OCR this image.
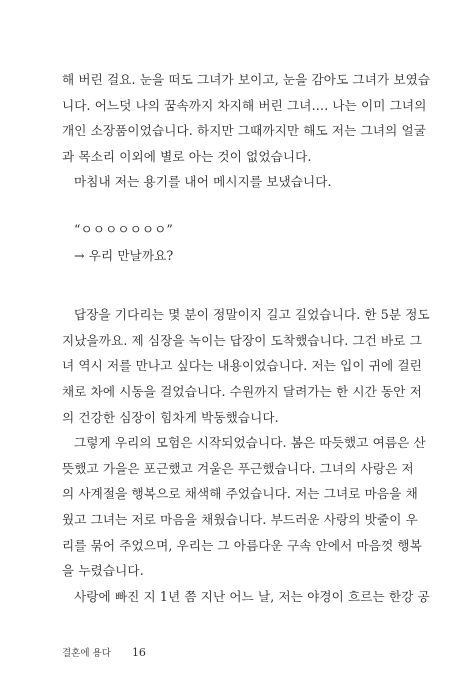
해 버린 걸요. 눈을 떠도 그녀가 보이고, 눈을 감아도 그녀가 보였습
니다. 어느덧 나의 꿈속까지 차지해 버린 그녀…. 나는 이미 그녀의
개인 소장품이었습니다. 하지만 그때까지만 해도 저는 그녀의 얼굴
과 목소리 이외에 별로 아는 것이 없었습니다.
마침내 저는 용기를 내어 메시지를 보냈습니다.
“ㅇㅇㅇㅇㅇㅇㅇ”
→ 우리 만날까요?
답장을 기다리는 몇 분이 정말이지 길고 길었습니다. 한 5분 정도
지났을까요. 제 심장을 녹이는 답장이 도착했습니다. 그건 바로 그
녀 역시 저를 만나고 싶다는 내용이었습니다. 저는 입이 귀에 걸린
채로 차에 시동을 걸었습니다. 수원까지 달려가는 한 시간 동안 저
의 건강한 심장이 힘차게 박동했습니다.
그렇게 우리의 모험은 시작되었습니다. 봄은 따듯했고 여름은 산
뜻했고 가을은 포근했고 겨울은 푸근했습니다. 그녀의 사랑은 저
의 사계절을 행복으로 채색해 주었습니다. 저는 그녀로 마음을 채
웠고 그녀는 저로 마음을 채웠습니다. 부드러운 사랑의 밧줄이 우
리를 묶어 주었으며, 우리는 그 아름다운 구속 안에서 마음껏 행복
을 누렸습니다.
사랑에 빠진 지 1년 쯤 지난 어느 날, 저는 야경이 흐르는 한강 공
결혼에 용다 16
